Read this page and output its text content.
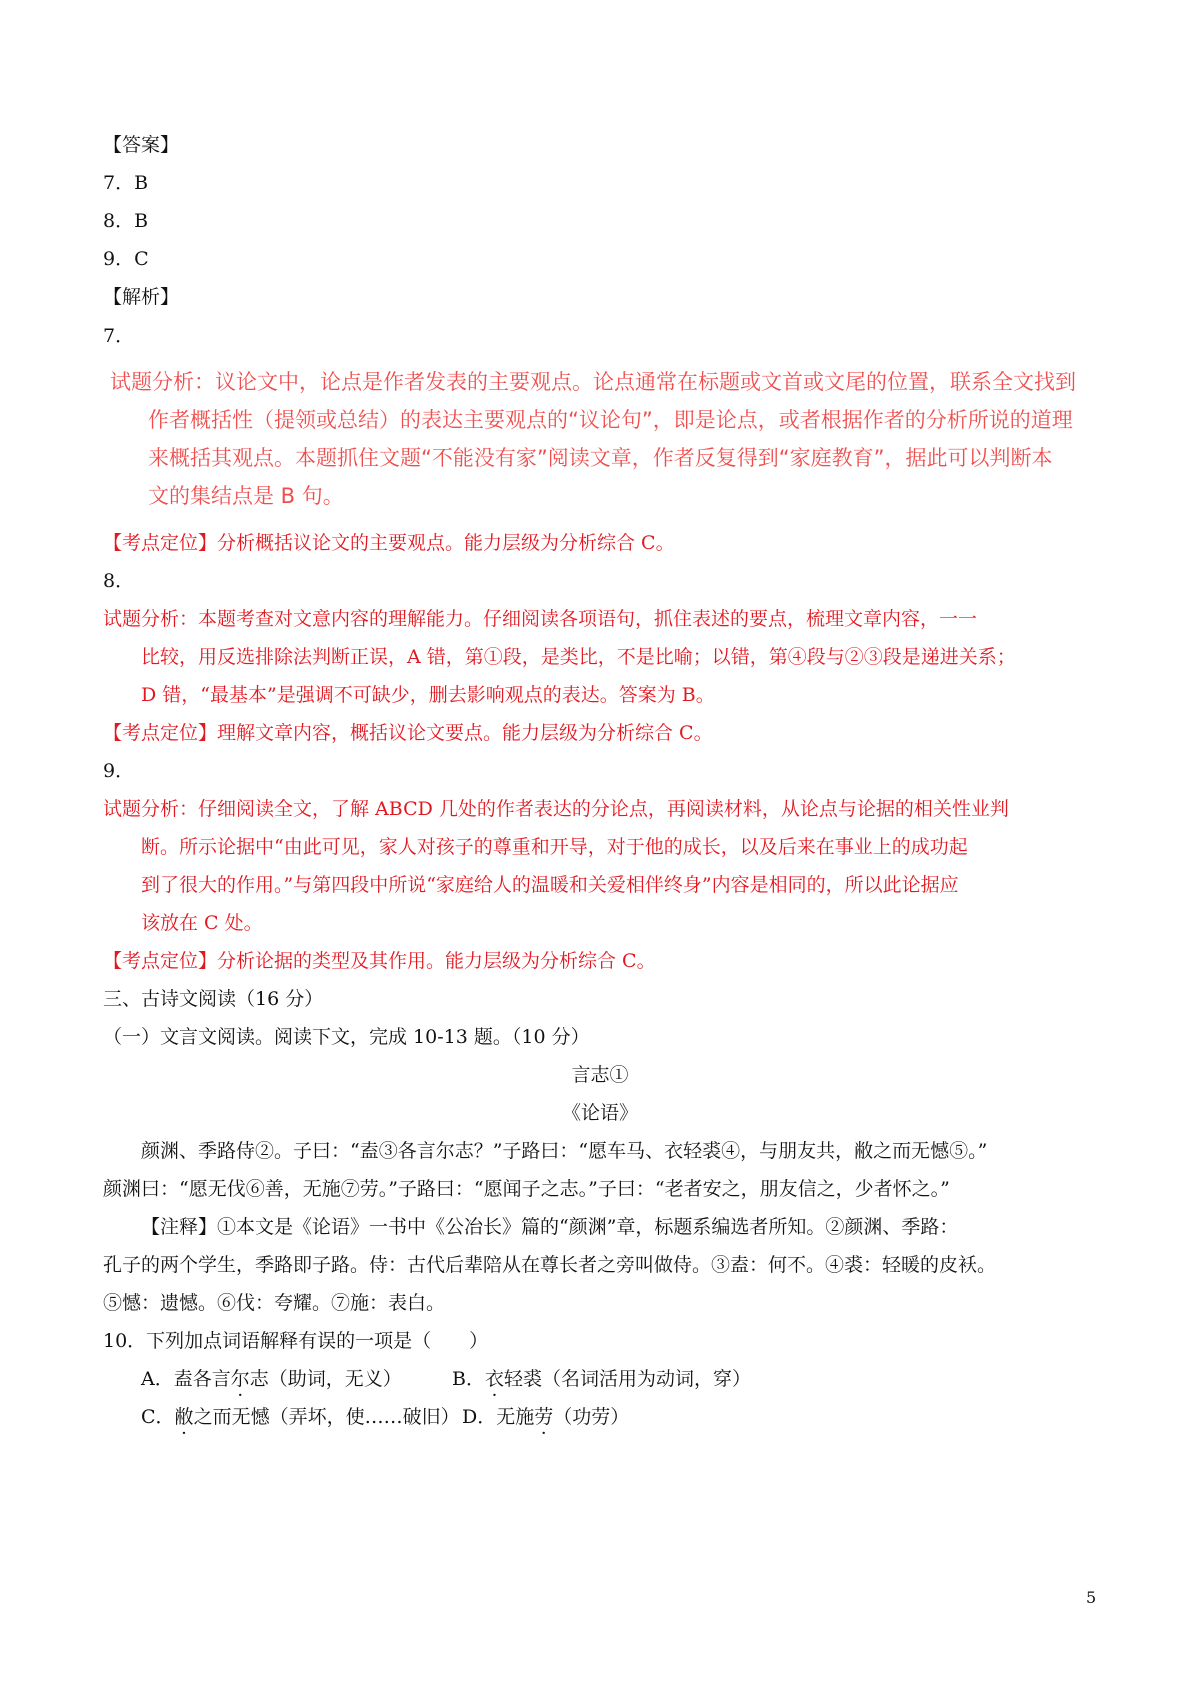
【答案】
7．B
8．B
9．C
【解析】
7．
试题分析：议论文中，论点是作者发表的主要观点。论点通常在标题或文首或文尾的位置，联系全文找到
作者概括性（提领或总结）的表达主要观点的“议论句”，即是论点，或者根据作者的分析所说的道理
来概括其观点。本题抓住文题“不能没有家”阅读文章，作者反复得到“家庭教育”，据此可以判断本
文的集结点是 B 句。
【考点定位】分析概括议论文的主要观点。能力层级为分析综合 C。
8．
试题分析：本题考查对文意内容的理解能力。仔细阅读各项语句，抓住表述的要点，梳理文章内容，一一
比较，用反选排除法判断正误，A 错，第①段，是类比，不是比喻；以错，第④段与②③段是递进关系；
D 错，“最基本”是强调不可缺少，删去影响观点的表达。答案为 B。
【考点定位】理解文章内容，概括议论文要点。能力层级为分析综合 C。
9．
试题分析：仔细阅读全文，了解 ABCD 几处的作者表达的分论点，再阅读材料，从论点与论据的相关性业判
断。所示论据中“由此可见，家人对孩子的尊重和开导，对于他的成长，以及后来在事业上的成功起
到了很大的作用。”与第四段中所说“家庭给人的温暖和关爱相伴终身”内容是相同的，所以此论据应
该放在 C 处。
【考点定位】分析论据的类型及其作用。能力层级为分析综合 C。
三、古诗文阅读（16 分）
（一）文言文阅读。阅读下文，完成 10-13 题。（10 分）
言志①
《论语》
颜渊、季路侍②。子曰：“盍③各言尔志？”子路曰：“愿车马、衣轻裘④，与朋友共，敝之而无憾⑤。”
颜渊曰：“愿无伐⑥善，无施⑦劳。”子路曰：“愿闻子之志。”子曰：“老者安之，朋友信之，少者怀之。”
【注释】①本文是《论语》一书中《公冶长》篇的“颜渊”章，标题系编选者所知。②颜渊、季路：
孔子的两个学生，季路即子路。侍：古代后辈陪从在尊长者之旁叫做侍。③盍：何不。④裘：轻暖的皮袄。
⑤憾：遗憾。⑥伐：夸耀。⑦施：表白。
10．下列加点词语解释有误的一项是（　　）
A．盍各言尔志（助词，无义）	B．衣轻裘（名词活用为动词，穿）
C．敝之而无憾（弄坏，使……破旧） D．无施劳（功劳）
5
